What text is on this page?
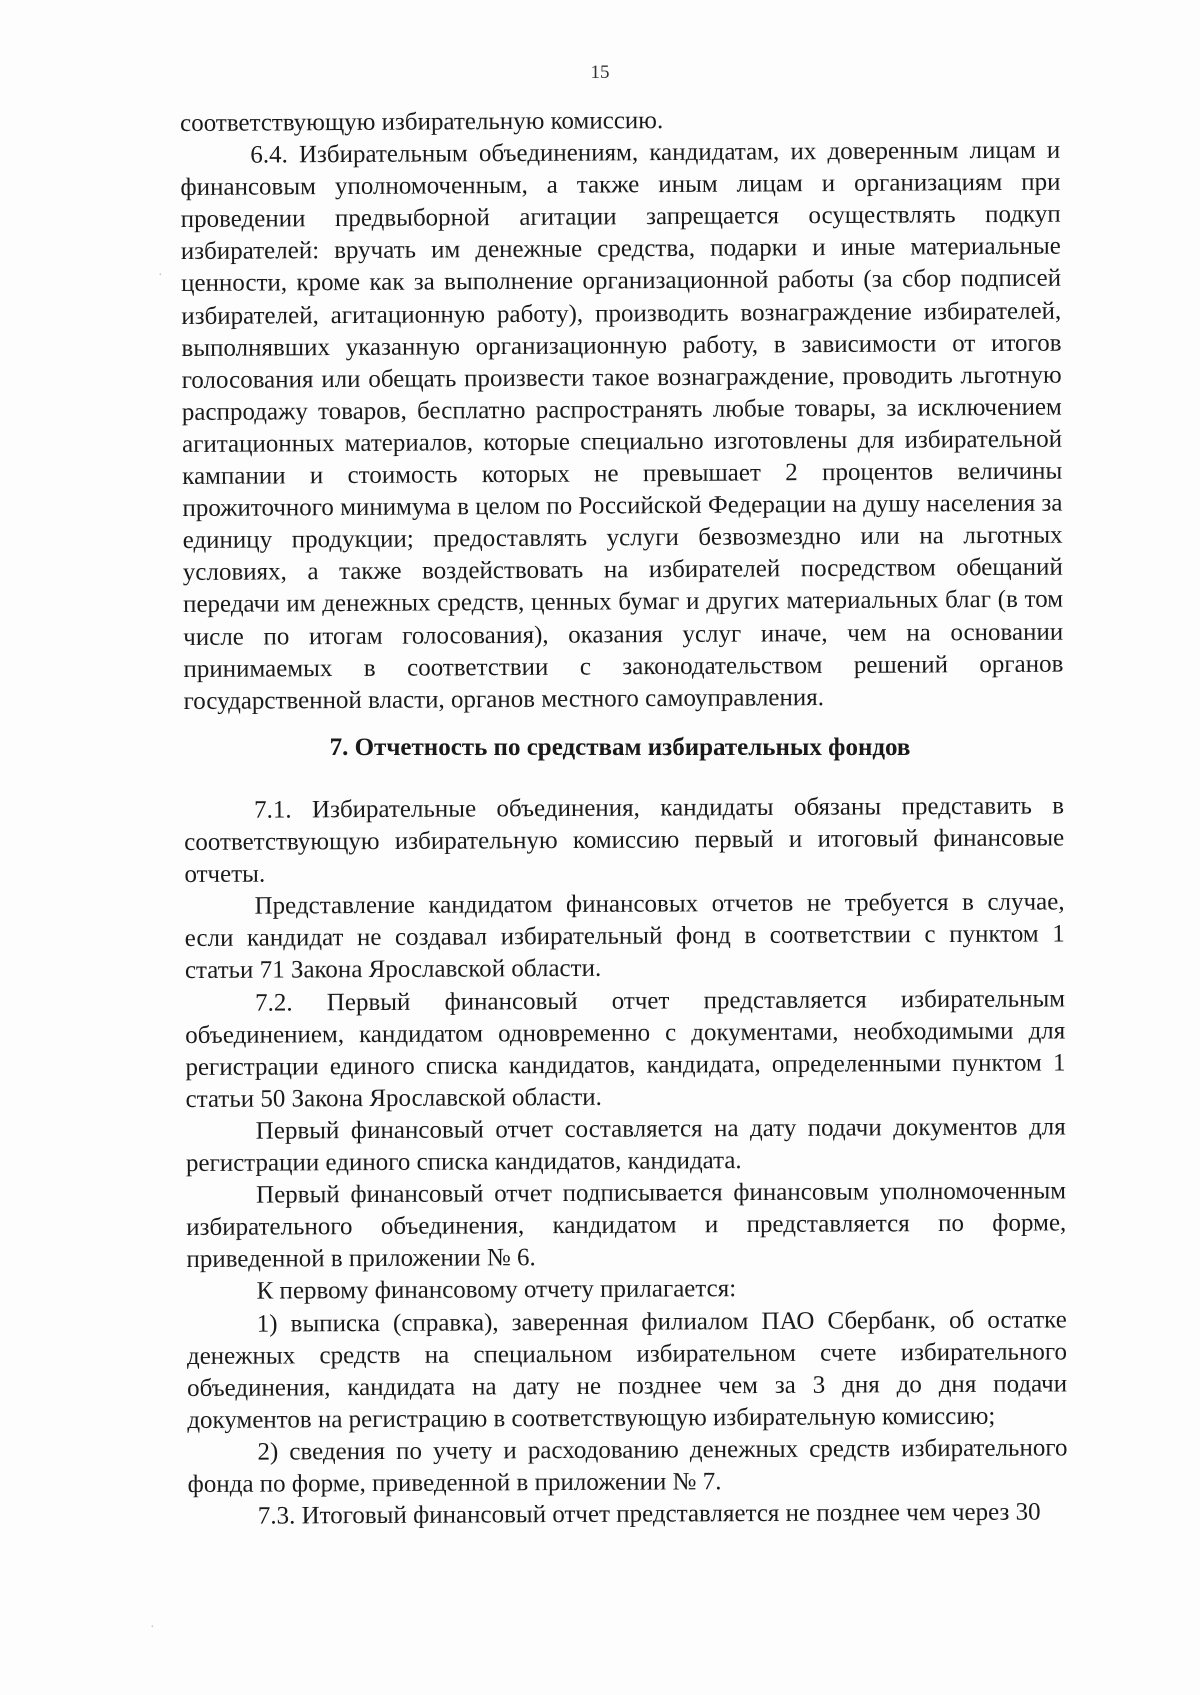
15

соответствующую избирательную комиссию.

6.4. Избирательным объединениям, кандидатам, их доверенным лицам и финансовым уполномоченным, а также иным лицам и организациям при проведении предвыборной агитации запрещается осуществлять подкуп избирателей: вручать им денежные средства, подарки и иные материальные ценности, кроме как за выполнение организационной работы (за сбор подписей избирателей, агитационную работу), производить вознаграждение избирателей, выполнявших указанную организационную работу, в зависимости от итогов голосования или обещать произвести такое вознаграждение, проводить льготную распродажу товаров, бесплатно распространять любые товары, за исключением агитационных материалов, которые специально изготовлены для избирательной кампании и стоимость которых не превышает 2 процентов величины прожиточного минимума в целом по Российской Федерации на душу населения за единицу продукции; предоставлять услуги безвозмездно или на льготных условиях, а также воздействовать на избирателей посредством обещаний передачи им денежных средств, ценных бумаг и других материальных благ (в том числе по итогам голосования), оказания услуг иначе, чем на основании принимаемых в соответствии с законодательством решений органов государственной власти, органов местного самоуправления.

7. Отчетность по средствам избирательных фондов

7.1. Избирательные объединения, кандидаты обязаны представить в соответствующую избирательную комиссию первый и итоговый финансовые отчеты.

Представление кандидатом финансовых отчетов не требуется в случае, если кандидат не создавал избирательный фонд в соответствии с пунктом 1 статьи 71 Закона Ярославской области.

7.2. Первый финансовый отчет представляется избирательным объединением, кандидатом одновременно с документами, необходимыми для регистрации единого списка кандидатов, кандидата, определенными пунктом 1 статьи 50 Закона Ярославской области.

Первый финансовый отчет составляется на дату подачи документов для регистрации единого списка кандидатов, кандидата.

Первый финансовый отчет подписывается финансовым уполномоченным избирательного объединения, кандидатом и представляется по форме, приведенной в приложении № 6.

К первому финансовому отчету прилагается:

1) выписка (справка), заверенная филиалом ПАО Сбербанк, об остатке денежных средств на специальном избирательном счете избирательного объединения, кандидата на дату не позднее чем за 3 дня до дня подачи документов на регистрацию в соответствующую избирательную комиссию;

2) сведения по учету и расходованию денежных средств избирательного фонда по форме, приведенной в приложении № 7.

7.3. Итоговый финансовый отчет представляется не позднее чем через 30

·
·
